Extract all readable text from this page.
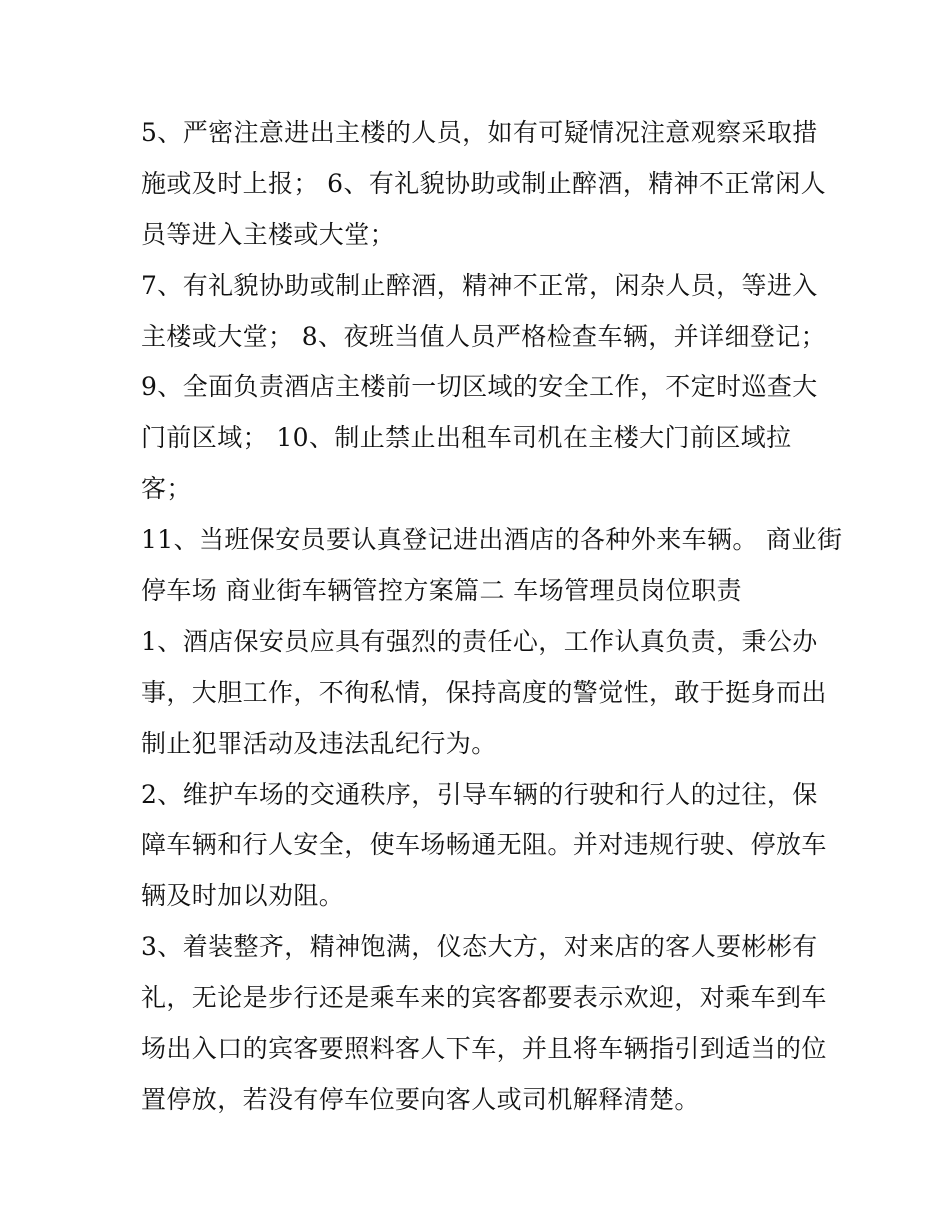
5、严密注意进出主楼的人员，如有可疑情况注意观察采取措
施或及时上报； 6、有礼貌协助或制止醉酒，精神不正常闲人
员等进入主楼或大堂；
7、有礼貌协助或制止醉酒，精神不正常，闲杂人员，等进入
主楼或大堂； 8、夜班当值人员严格检查车辆，并详细登记；
9、全面负责酒店主楼前一切区域的安全工作，不定时巡查大
门前区域； 10、制止禁止出租车司机在主楼大门前区域拉
客；
11、当班保安员要认真登记进出酒店的各种外来车辆。 商业街
停车场 商业街车辆管控方案篇二 车场管理员岗位职责
1、酒店保安员应具有强烈的责任心，工作认真负责，秉公办
事，大胆工作，不徇私情，保持高度的警觉性，敢于挺身而出
制止犯罪活动及违法乱纪行为。
2、维护车场的交通秩序，引导车辆的行驶和行人的过往，保
障车辆和行人安全，使车场畅通无阻。并对违规行驶、停放车
辆及时加以劝阻。
3、着装整齐，精神饱满，仪态大方，对来店的客人要彬彬有
礼，无论是步行还是乘车来的宾客都要表示欢迎，对乘车到车
场出入口的宾客要照料客人下车，并且将车辆指引到适当的位
置停放，若没有停车位要向客人或司机解释清楚。
